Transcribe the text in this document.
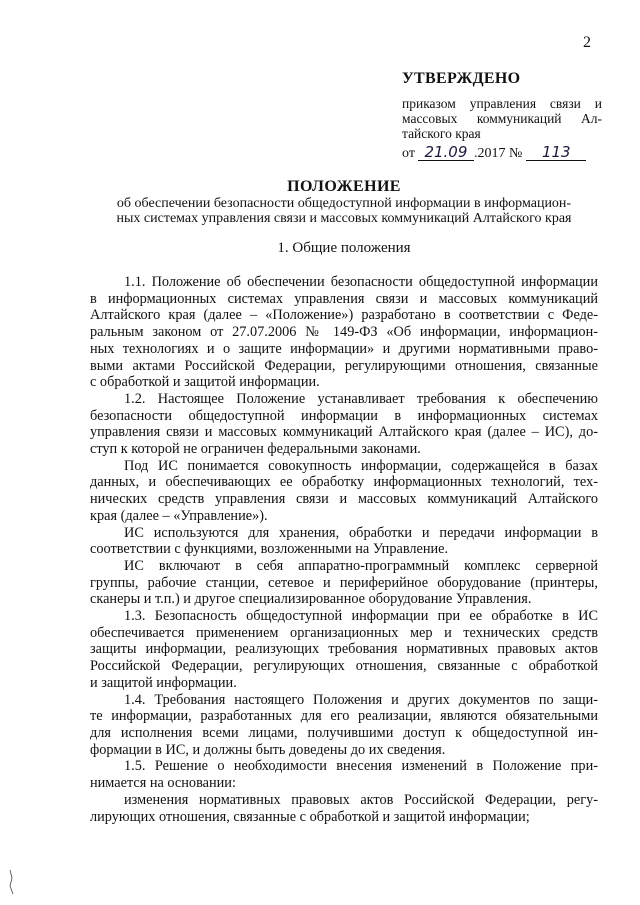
2
УТВЕРЖДЕНО
приказом управления связи и
массовых коммуникаций Ал-
тайского края
от 21.09 .2017 №	113
ПОЛОЖЕНИЕ
об обеспечении безопасности общедоступной информации в информацион-
ных системах управления связи и массовых коммуникаций Алтайского края
1. Общие положения

1.1. Положение об обеспечении безопасности общедоступной информации

в информационных системах управления связи и массовых коммуникаций

Алтайского края (далее – «Положение») разработано в соответствии с Феде-

ральным законом от 27.07.2006 № 149-ФЗ «Об информации, информацион-

ных технологиях и о защите информации» и другими нормативными право-

выми актами Российской Федерации, регулирующими отношения, связанные

с обработкой и защитой информации.

1.2. Настоящее Положение устанавливает требования к обеспечению

безопасности общедоступной информации в информационных системах

управления связи и массовых коммуникаций Алтайского края (далее – ИС), до-

ступ к которой не ограничен федеральными законами.

Под ИС понимается совокупность информации, содержащейся в базах

данных, и обеспечивающих ее обработку информационных технологий, тех-

нических средств управления связи и массовых коммуникаций Алтайского

края (далее – «Управление»).

ИС используются для хранения, обработки и передачи информации в

соответствии с функциями, возложенными на Управление.

ИС включают в себя аппаратно-программный комплекс серверной

группы, рабочие станции, сетевое и периферийное оборудование (принтеры,

сканеры и т.п.) и другое специализированное оборудование Управления.

1.3. Безопасность общедоступной информации при ее обработке в ИС

обеспечивается применением организационных мер и технических средств

защиты информации, реализующих требования нормативных правовых актов

Российской Федерации, регулирующих отношения, связанные с обработкой

и защитой информации.

1.4. Требования настоящего Положения и других документов по защи-

те информации, разработанных для его реализации, являются обязательными

для исполнения всеми лицами, получившими доступ к общедоступной ин-

формации в ИС, и должны быть доведены до их сведения.

1.5. Решение о необходимости внесения изменений в Положение при-

нимается на основании:

изменения нормативных правовых актов Российской Федерации, регу-

лирующих отношения, связанные с обработкой и защитой информации;
